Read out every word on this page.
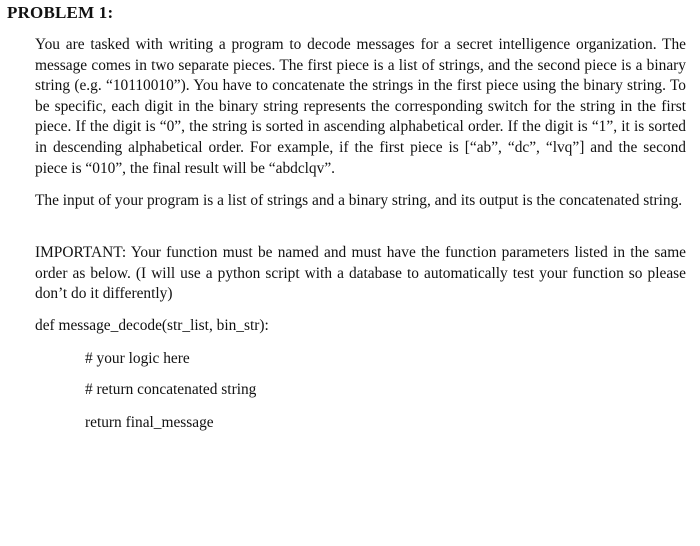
PROBLEM 1:
You are tasked with writing a program to decode messages for a secret intelligence organization. The message comes in two separate pieces. The first piece is a list of strings, and the second piece is a binary string (e.g. “10110010”). You have to concatenate the strings in the first piece using the binary string. To be specific, each digit in the binary string represents the corresponding switch for the string in the first piece. If the digit is “0”, the string is sorted in ascending alphabetical order. If the digit is “1”, it is sorted in descending alphabetical order. For example, if the first piece is [“ab”, “dc”, “lvq”] and the second piece is “010”, the final result will be “abdclqv”.
The input of your program is a list of strings and a binary string, and its output is the concatenated string.
IMPORTANT: Your function must be named and must have the function parameters listed in the same order as below. (I will use a python script with a database to automatically test your function so please don’t do it differently)
def message_decode(str_list, bin_str):
# your logic here
# return concatenated string
return final_message
